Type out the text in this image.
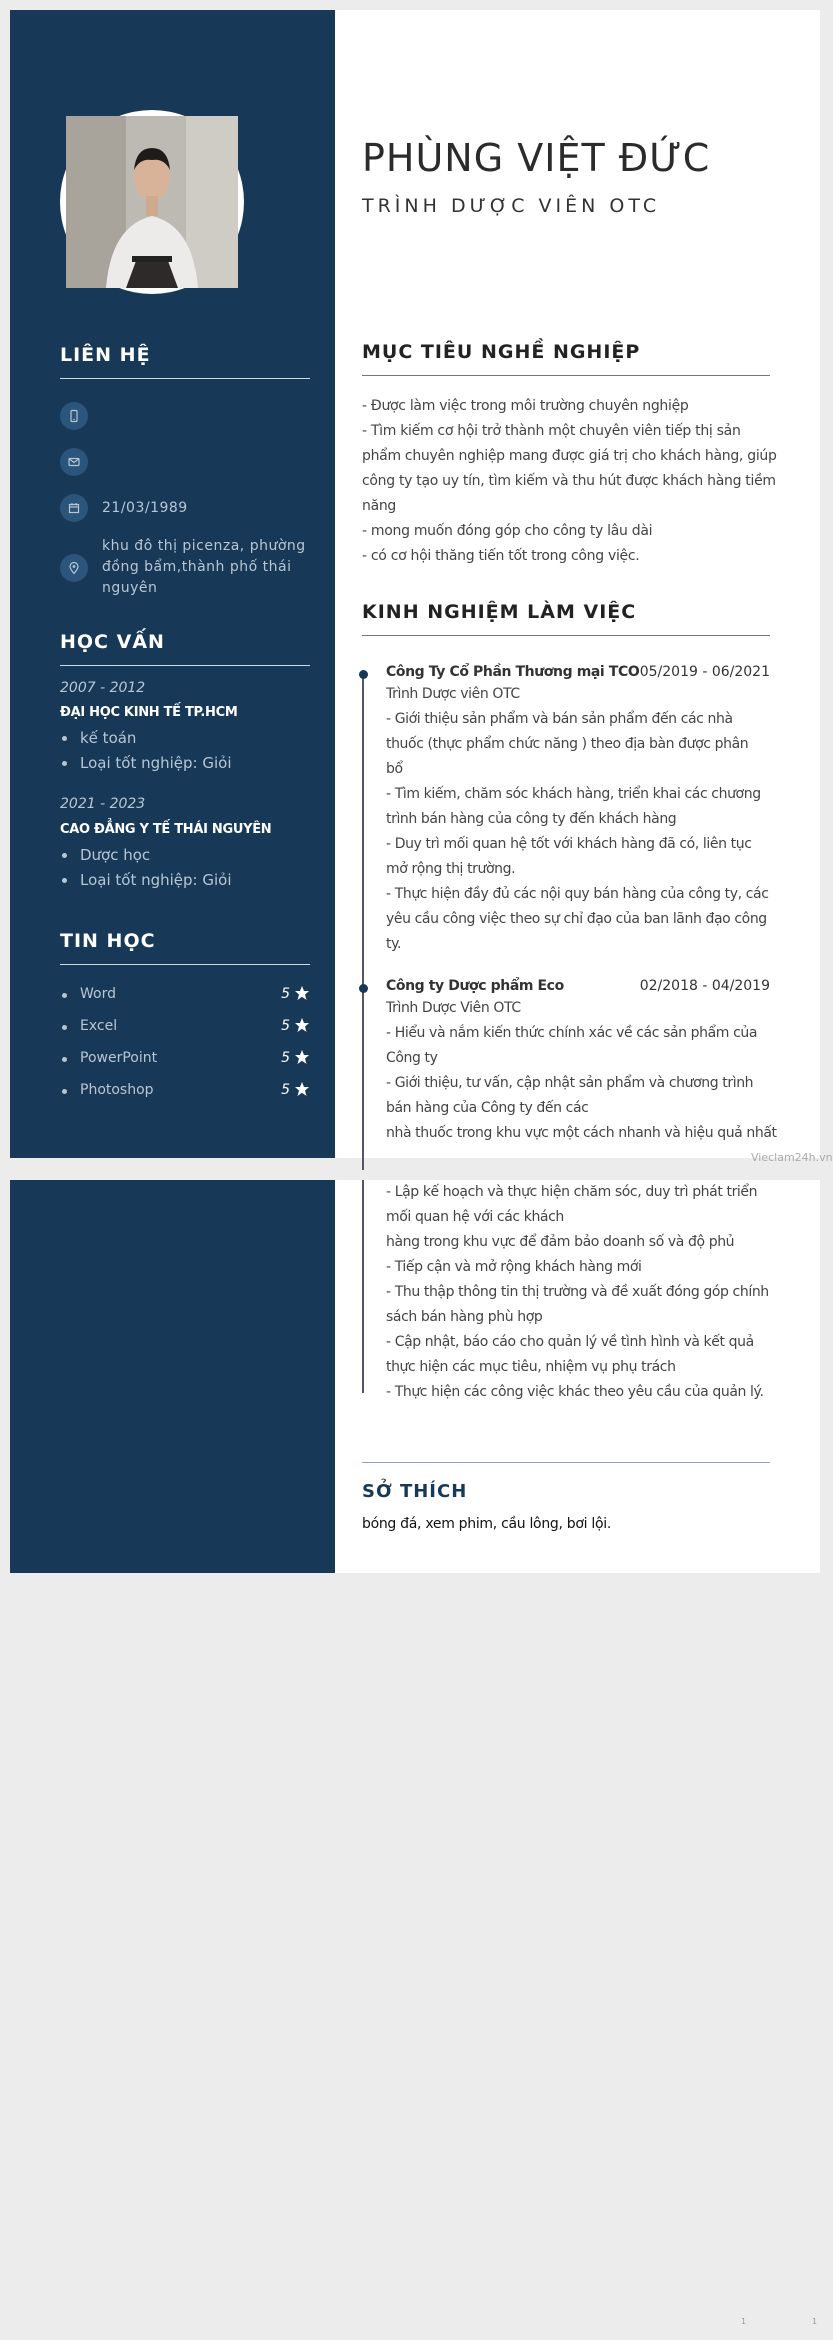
LIÊN HỆ
21/03/1989
khu đô thị picenza, phường đồng bẩm,thành phố thái nguyên
HỌC VẤN
2007 - 2012
ĐẠI HỌC KINH TẾ TP.HCM
kế toán
Loại tốt nghiệp: Giỏi
2021 - 2023
CAO ĐẲNG Y TẾ THÁI NGUYÊN
Dược học
Loại tốt nghiệp: Giỏi
TIN HỌC
Word	5
Excel	5
PowerPoint	5
Photoshop	5
PHÙNG VIỆT ĐỨC
TRÌNH DƯỢC VIÊN OTC
MỤC TIÊU NGHỀ NGHIỆP
- Được làm việc trong môi trường chuyên nghiệp
- Tìm kiếm cơ hội trở thành một chuyên viên tiếp thị sản
phẩm chuyên nghiệp mang được giá trị cho khách hàng, giúp
công ty tạo uy tín, tìm kiếm và thu hút được khách hàng tiềm
năng
- mong muốn đóng góp cho công ty lâu dài
- có cơ hội thăng tiến tốt trong công việc.
KINH NGHIỆM LÀM VIỆC
Công Ty Cổ Phần Thương mại TCO 05/2019 - 06/2021
Trình Dược viên OTC
- Giới thiệu sản phẩm và bán sản phẩm đến các nhà
thuốc (thực phẩm chức năng ) theo địa bàn được phân
bổ
- Tìm kiếm, chăm sóc khách hàng, triển khai các chương
trình bán hàng của công ty đến khách hàng
- Duy trì mối quan hệ tốt với khách hàng đã có, liên tục
mở rộng thị trường.
- Thực hiện đầy đủ các nội quy bán hàng của công ty, các
yêu cầu công việc theo sự chỉ đạo của ban lãnh đạo công
ty.
Công ty Dược phẩm Eco	02/2018 - 04/2019
Trình Dược Viên OTC
- Hiểu và nắm kiến thức chính xác về các sản phẩm của
Công ty
- Giới thiệu, tư vấn, cập nhật sản phẩm và chương trình
bán hàng của Công ty đến các
nhà thuốc trong khu vực một cách nhanh và hiệu quả nhất
Vieclam24h.vn
- Lập kế hoạch và thực hiện chăm sóc, duy trì phát triển
mối quan hệ với các khách
hàng trong khu vực để đảm bảo doanh số và độ phủ
- Tiếp cận và mở rộng khách hàng mới
- Thu thập thông tin thị trường và đề xuất đóng góp chính
sách bán hàng phù hợp
- Cập nhật, báo cáo cho quản lý về tình hình và kết quả
thực hiện các mục tiêu, nhiệm vụ phụ trách
- Thực hiện các công việc khác theo yêu cầu của quản lý.
SỞ THÍCH
bóng đá, xem phim, cầu lông, bơi lội.
1	1
